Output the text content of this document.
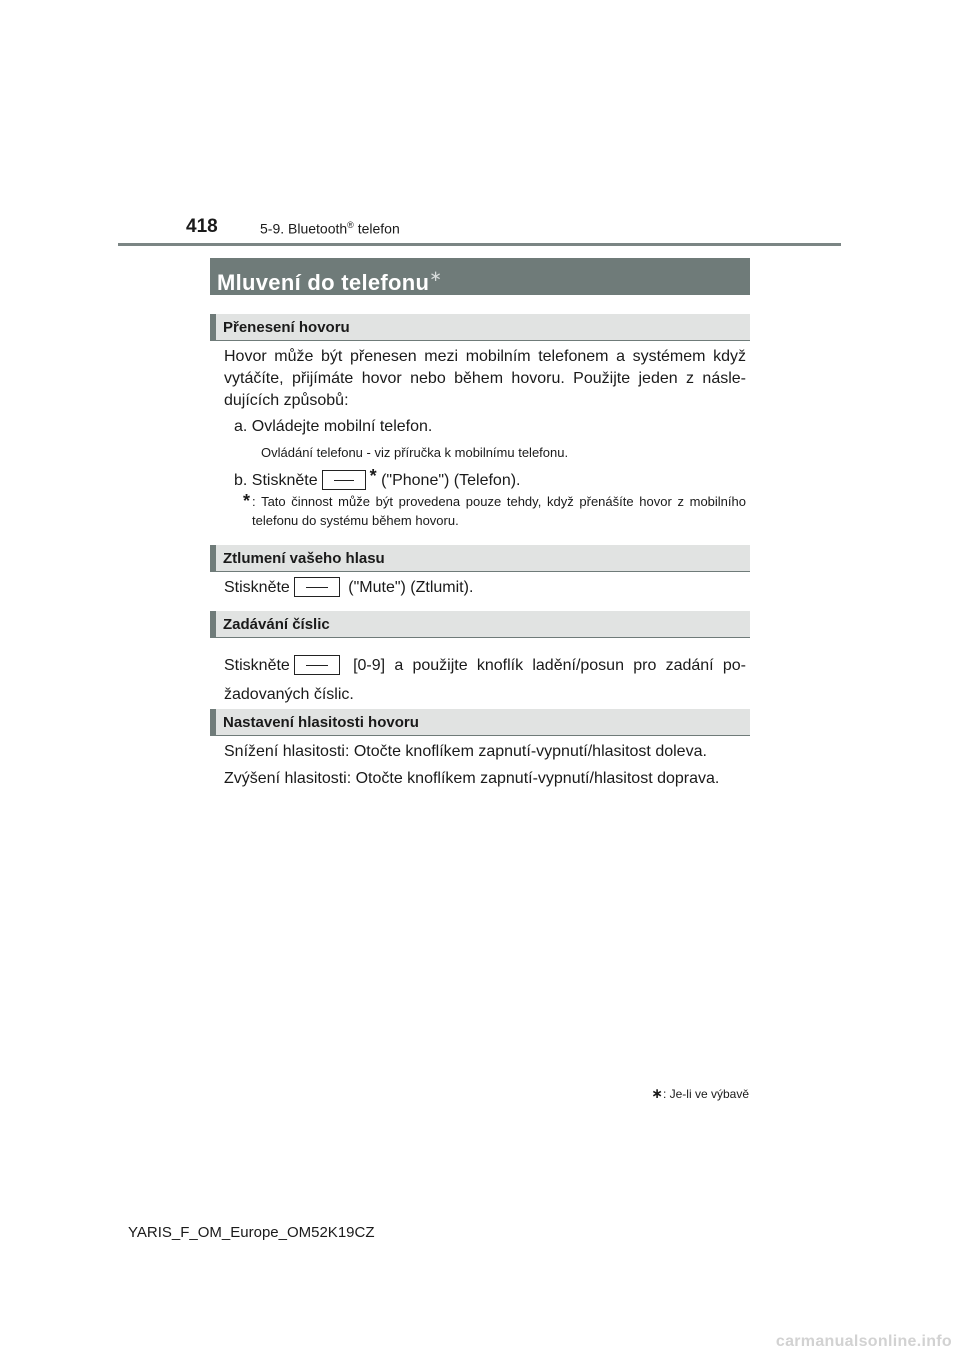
418	5-9. Bluetooth® telefon
Mluvení do telefonu∗
Přenesení hovoru
Hovor může být přenesen mezi mobilním telefonem a systémem když vytáčíte, přijímáte hovor nebo během hovoru. Použijte jeden z násle-dujících způsobů:
a. Ovládejte mobilní telefon.
Ovládání telefonu - viz příručka k mobilnímu telefonu.
b. Stiskněte	* ("Phone") (Telefon).
* : Tato činnost může být provedena pouze tehdy, když přenášíte hovor z mobilního telefonu do systému během hovoru.
Ztlumení vašeho hlasu
Stiskněte	("Mute") (Ztlumit).
Zadávání číslic
Stiskněte	[0-9] a použijte knoflík ladění/posun pro zadání po-žadovaných číslic.
Nastavení hlasitosti hovoru
Snížení hlasitosti: Otočte knoflíkem zapnutí-vypnutí/hlasitost doleva.
Zvýšení hlasitosti: Otočte knoflíkem zapnutí-vypnutí/hlasitost doprava.
∗: Je-li ve výbavě
YARIS_F_OM_Europe_OM52K19CZ
carmanualsonline.info
